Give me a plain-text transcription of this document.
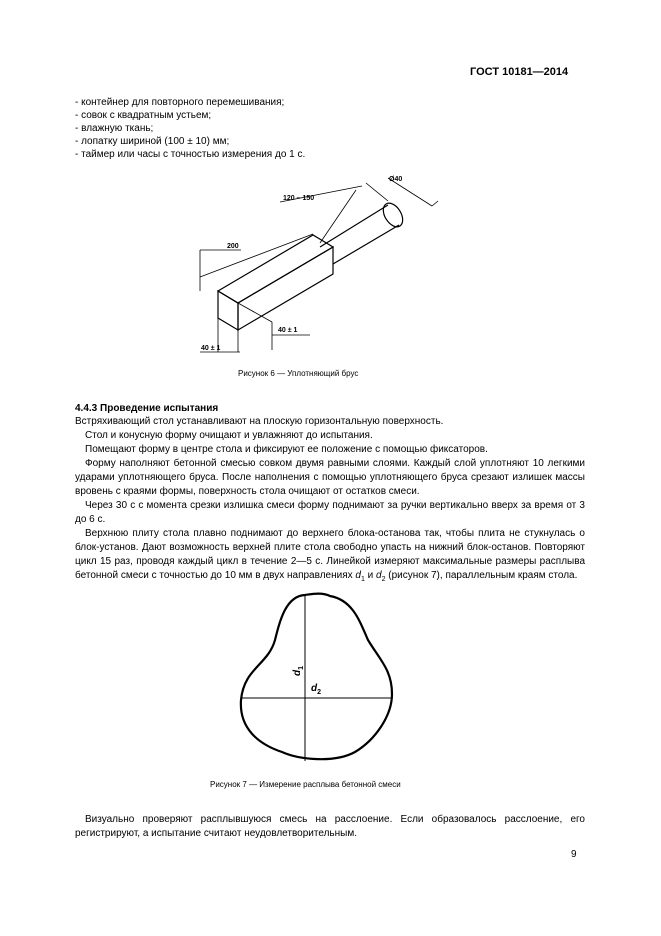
ГОСТ 10181—2014
- контейнер для повторного перемешивания;
- совок с квадратным устьем;
- влажную ткань;
- лопатку шириной (100 ± 10) мм;
- таймер или часы с точностью измерения до 1 с.
120 – 150
Ø40
200
40 ± 1
40 ± 1
Рисунок 6 — Уплотняющий брус
4.4.3 Проведение испытания
Встряхивающий стол устанавливают на плоскую горизонтальную поверхность.
Стол и конусную форму очищают и увлажняют до испытания.
Помещают форму в центре стола и фиксируют ее положение с помощью фиксаторов.
Форму наполняют бетонной смесью совком двумя равными слоями. Каждый слой уплотняют 10 легкими ударами уплотняющего бруса. После наполнения с помощью уплотняющего бруса срезают излишек массы вровень с краями формы, поверхность стола очищают от остатков смеси.
Через 30 с с момента срезки излишка смеси форму поднимают за ручки вертикально вверх за время от 3 до 6 с.
Верхнюю плиту стола плавно поднимают до верхнего блока-останова так, чтобы плита не стукнулась о блок-установ. Дают возможность верхней плите стола свободно упасть на нижний блок-останов. Повторяют цикл 15 раз, проводя каждый цикл в течение 2—5 с. Линейкой измеряют максимальные размеры расплыва бетонной смеси с точностью до 10 мм в двух направлениях $d_1$ и $d_2$ (рисунок 7), параллельным краям стола.
$d_1$
$d_2$
Рисунок 7 — Измерение расплыва бетонной смеси
Визуально проверяют расплывшуюся смесь на расслоение. Если образовалось расслоение, его регистрируют, а испытание считают неудовлетворительным.
9
